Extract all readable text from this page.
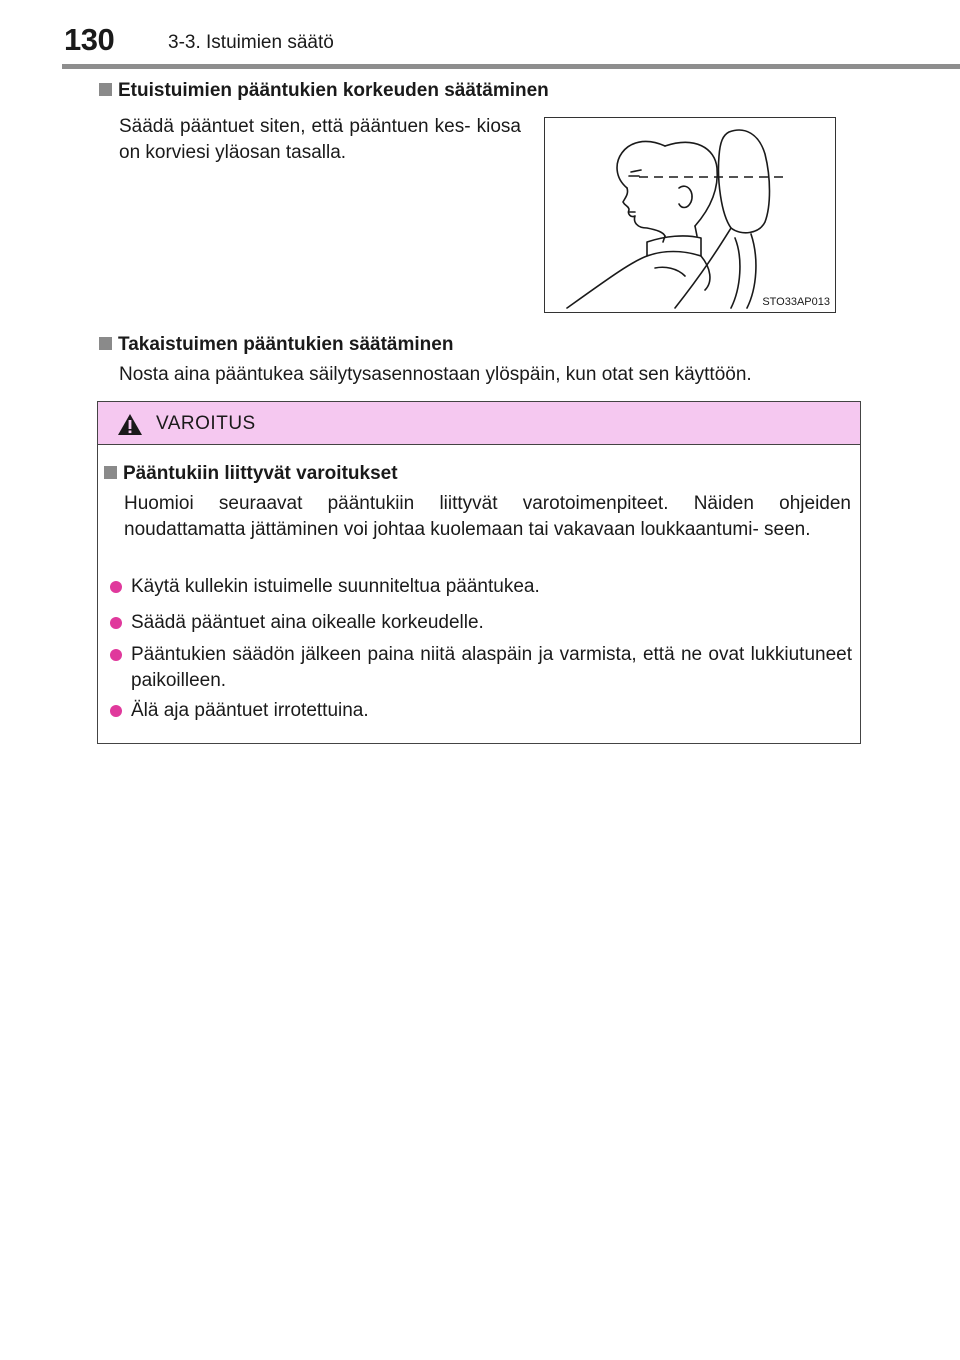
130	3-3. Istuimien säätö
Etuistuimien pääntukien korkeuden säätäminen
Säädä pääntuet siten, että pääntuen kes- kiosa on korviesi yläosan tasalla.
STO33AP013
Takaistuimen pääntukien säätäminen
Nosta aina pääntukea säilytysasennostaan ylöspäin, kun otat sen käyttöön.
VAROITUS
Pääntukiin liittyvät varoitukset
Huomioi seuraavat pääntukiin liittyvät varotoimenpiteet. Näiden ohjeiden noudattamatta jättäminen voi johtaa kuolemaan tai vakavaan loukkaantumi- seen.
Käytä kullekin istuimelle suunniteltua pääntukea.
Säädä pääntuet aina oikealle korkeudelle.
Pääntukien säädön jälkeen paina niitä alaspäin ja varmista, että ne ovat lukkiutuneet paikoilleen.
Älä aja pääntuet irrotettuina.
